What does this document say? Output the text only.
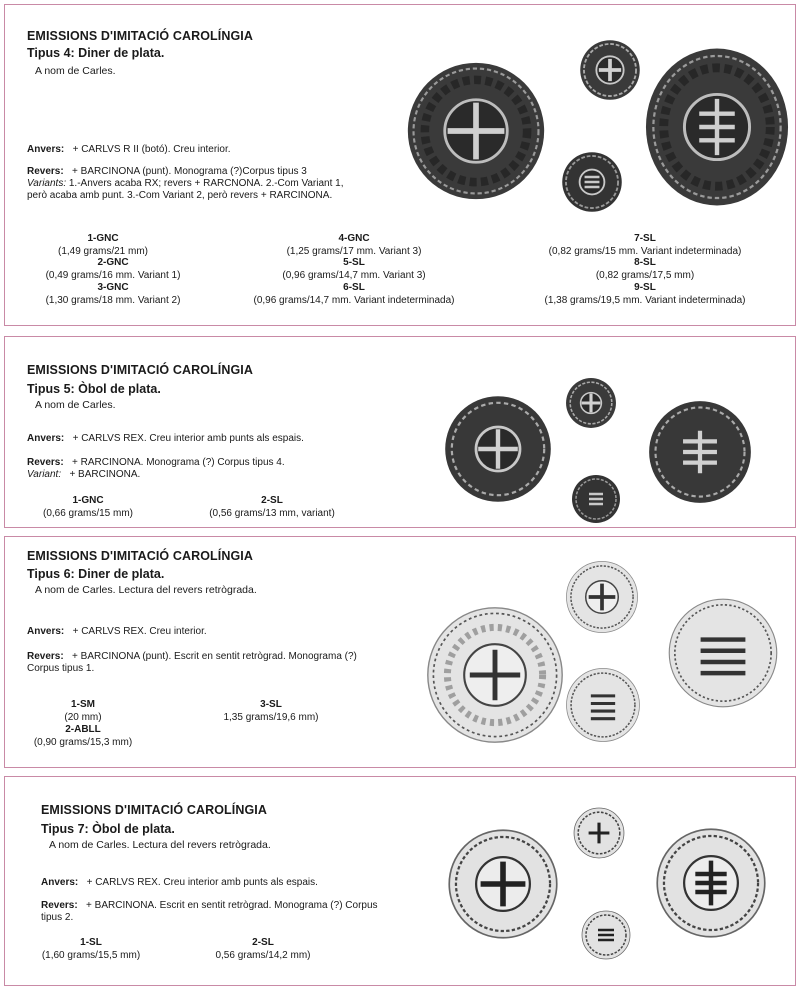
EMISSIONS D'IMITACIÓ CAROLÍNGIA
Tipus 4: Diner de plata.
A nom de Carles.
Anvers: + CARLVS R II (botó). Creu interior.
Revers: + BARCINONA (punt). Monograma (?)Corpus tipus 3
Variants: 1.-Anvers acaba RX; revers + RARCNONA. 2.-Com Variant 1,
però acaba amb punt. 3.-Com Variant 2, però revers + RARCINONA.
1-GNC
(1,49 grams/21 mm)
2-GNC
(0,49 grams/16 mm. Variant 1)
3-GNC
(1,30 grams/18 mm. Variant 2)
4-GNC
(1,25 grams/17 mm. Variant 3)
5-SL
(0,96 grams/14,7 mm. Variant 3)
6-SL
(0,96 grams/14,7 mm. Variant indeterminada)
7-SL
(0,82 grams/15 mm. Variant indeterminada)
8-SL
(0,82 grams/17,5 mm)
9-SL
(1,38 grams/19,5 mm. Variant indeterminada)
EMISSIONS D'IMITACIÓ CAROLÍNGIA
Tipus 5: Òbol de plata.
A nom de Carles.
Anvers: + CARLVS REX. Creu interior amb punts als espais.
Revers: + RARCINONA. Monograma (?) Corpus tipus 4.
Variant: + BARCINONA.
1-GNC
(0,66 grams/15 mm)
2-SL
(0,56 grams/13 mm, variant)
EMISSIONS D'IMITACIÓ CAROLÍNGIA
Tipus 6: Diner de plata.
A nom de Carles. Lectura del revers retrògrada.
Anvers: + CARLVS REX. Creu interior.
Revers: + BARCINONA (punt). Escrit en sentit retrògrad. Monograma (?)
Corpus tipus 1.
1-SM
(20 mm)
2-ABLL
(0,90 grams/15,3 mm)
3-SL
1,35 grams/19,6 mm)
EMISSIONS D'IMITACIÓ CAROLÍNGIA
Tipus 7: Òbol de plata.
A nom de Carles. Lectura del revers retrògrada.
Anvers: + CARLVS REX. Creu interior amb punts als espais.
Revers: + BARCINONA. Escrit en sentit retrògrad. Monograma (?) Corpus
tipus 2.
1-SL
(1,60 grams/15,5 mm)
2-SL
0,56 grams/14,2 mm)
